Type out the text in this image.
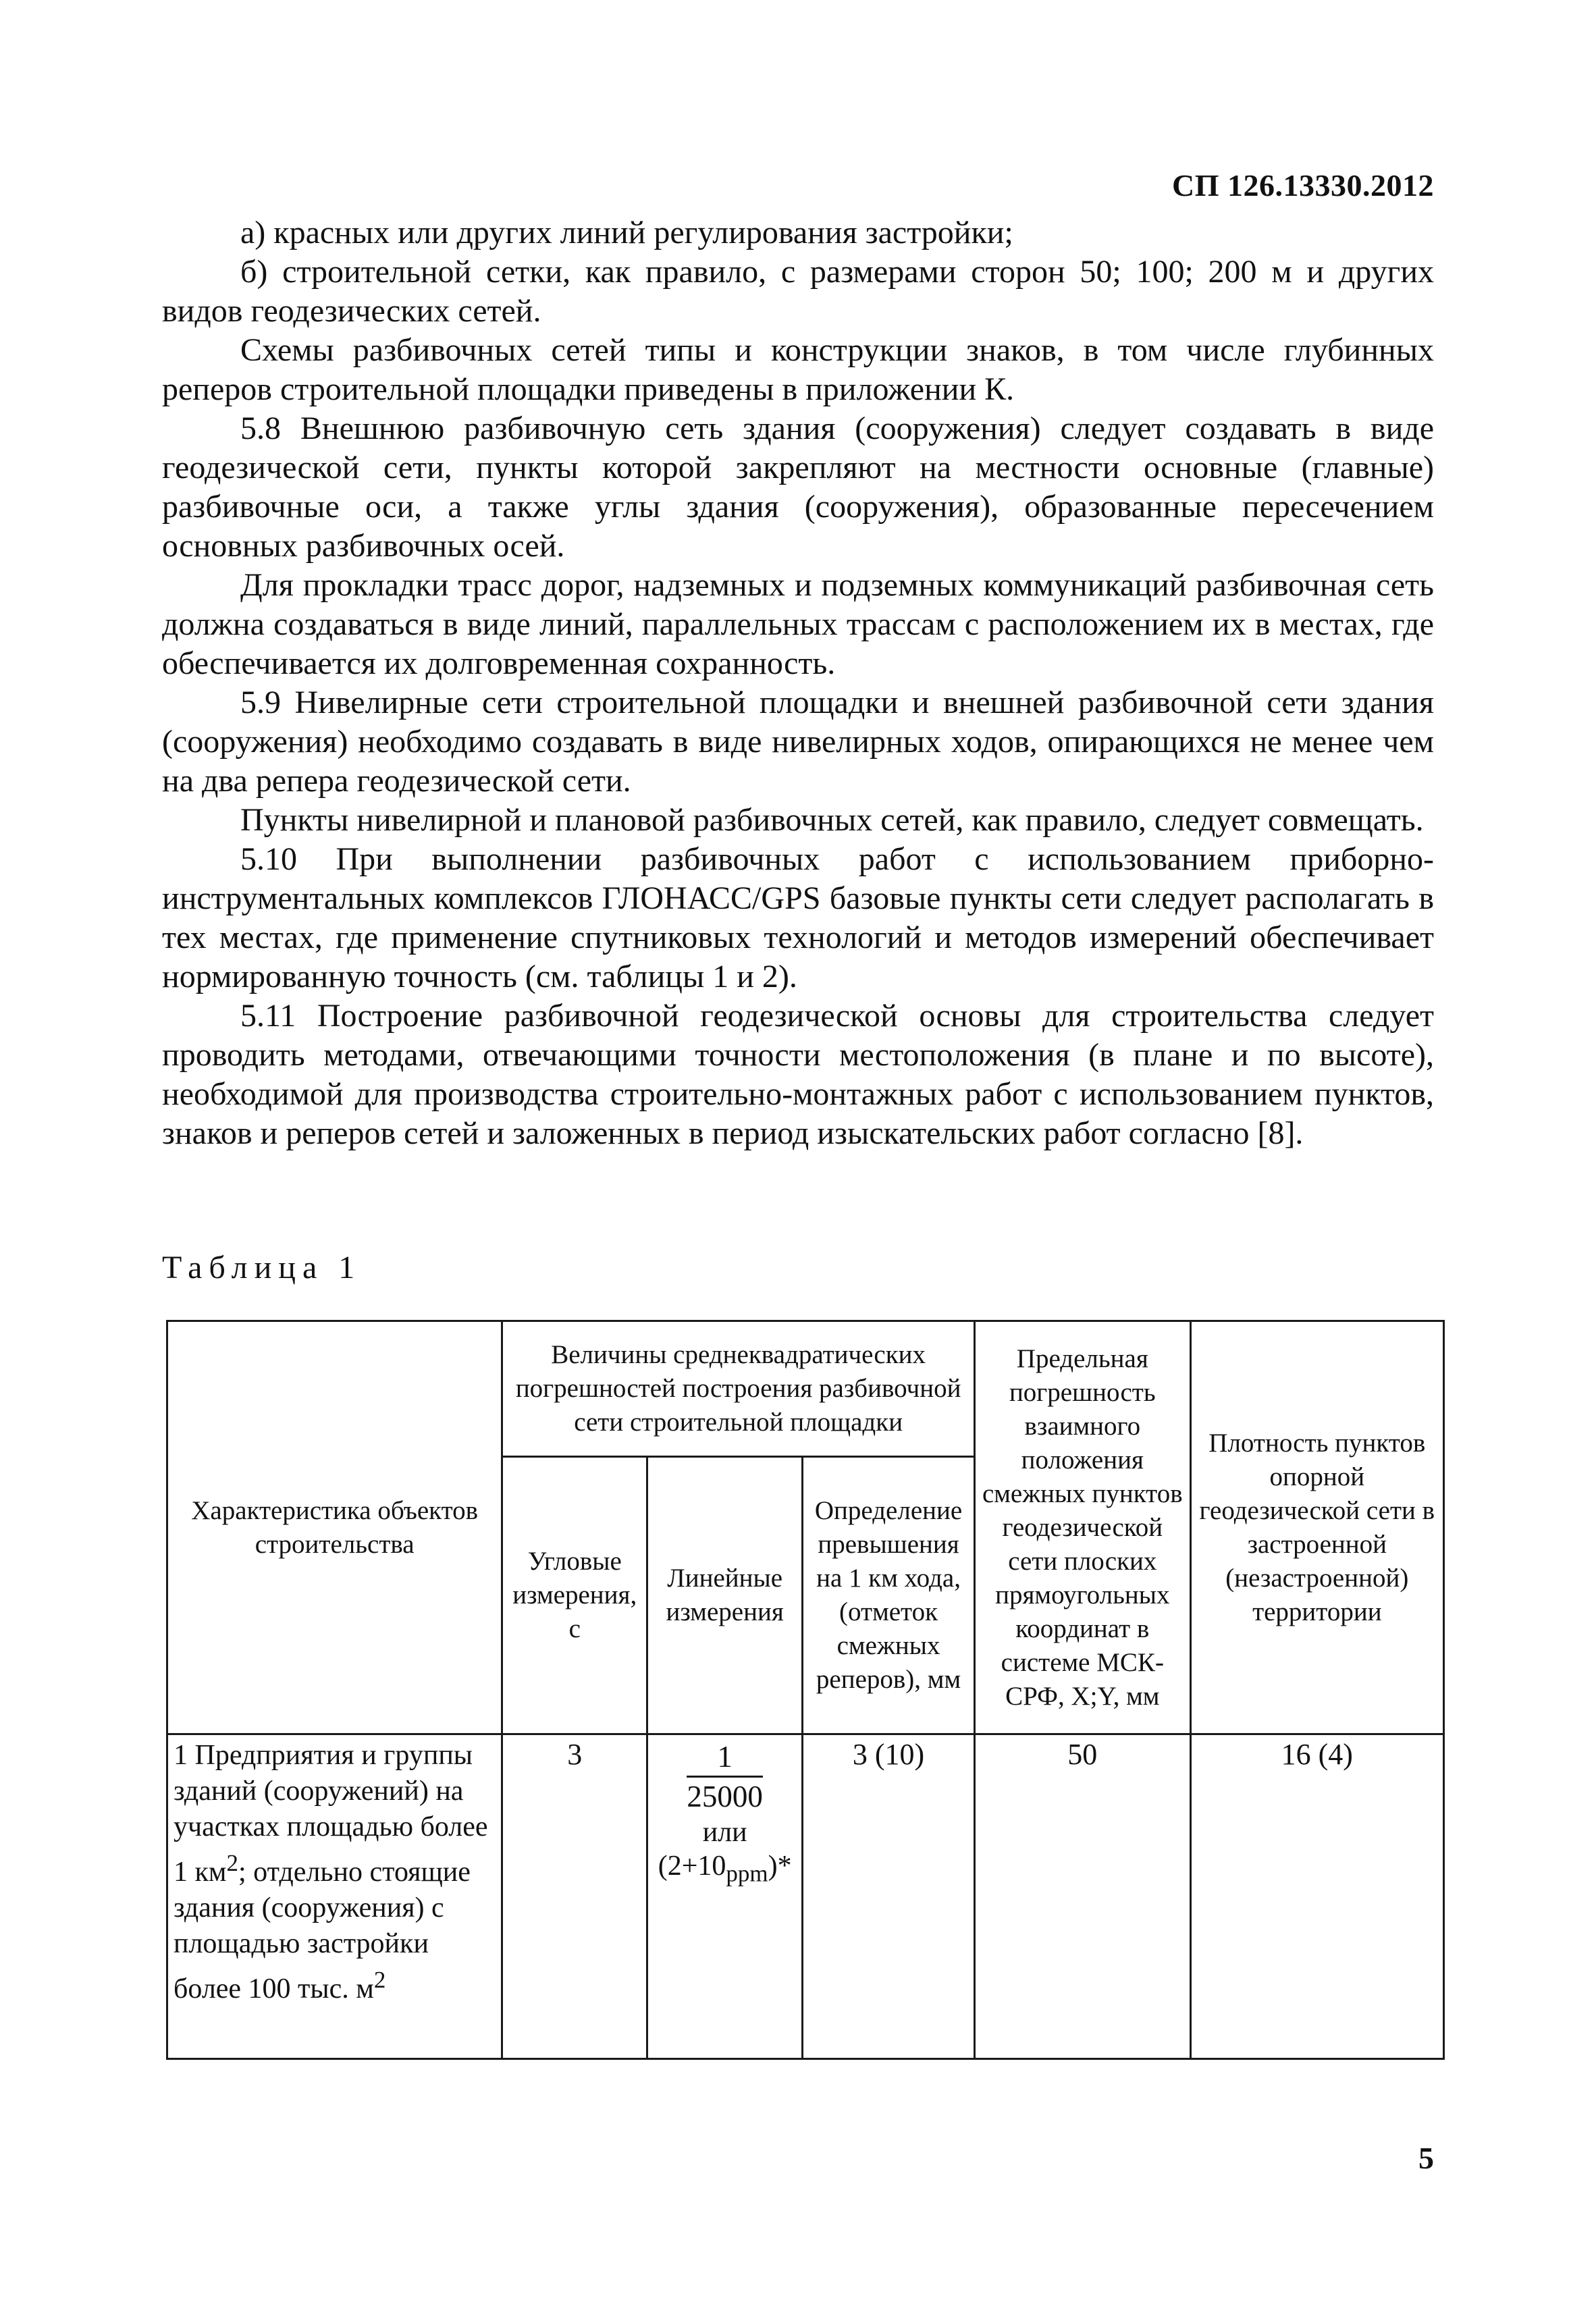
СП 126.13330.2012

а) красных или других линий регулирования застройки;

б) строительной сетки, как правило, с размерами сторон 50; 100; 200 м и других видов геодезических сетей.

Схемы разбивочных сетей типы и конструкции знаков, в том числе глубинных реперов строительной площадки приведены в приложении К.

5.8 Внешнюю разбивочную сеть здания (сооружения) следует создавать в виде геодезической сети, пункты которой закрепляют на местности основные (главные) разбивочные оси, а также углы здания (сооружения), образованные пересечением основных разбивочных осей.

Для прокладки трасс дорог, надземных и подземных коммуникаций разбивочная сеть должна создаваться в виде линий, параллельных трассам с расположением их в местах, где обеспечивается их долговременная сохранность.

5.9 Нивелирные сети строительной площадки и внешней разбивочной сети здания (сооружения) необходимо создавать в виде нивелирных ходов, опирающихся не менее чем на два репера геодезической сети.

Пункты нивелирной и плановой разбивочных сетей, как правило, следует совмещать.

5.10 При выполнении разбивочных работ с использованием приборно-инструментальных комплексов ГЛОНАСС/GPS базовые пункты сети следует располагать в тех местах, где применение спутниковых технологий и методов измерений обеспечивает нормированную точность (см. таблицы 1 и 2).

5.11 Построение разбивочной геодезической основы для строительства следует проводить методами, отвечающими точности местоположения (в плане и по высоте), необходимой для производства строительно-монтажных работ с использованием пунктов, знаков и реперов сетей и заложенных в период изыскательских работ согласно [8].

Таблица 1
Характеристика объектов строительства	Величины среднеквадратических погрешностей построения разбивочной сети строительной площадки			Предельная погрешность взаимного положения смежных пунктов геодезической сети плоских прямоугольных координат в системе МСК-СРФ, X;Y, мм	Плотность пунктов опорной геодезической сети в застроенной (незастроенной) территории
	Угловые измерения, с	Линейные измерения	Определение превышения на 1 км хода, (отметок смежных реперов), мм		
1 Предприятия и группы зданий (сооружений) на участках площадью более 1 $км^2$; отдельно стоящие здания (сооружения) с площадью застройки более 100 тыс. $м^2$	3	$\frac{1}{25000}$
или
$(2+10_{ppm})*$	3 (10)	50	16 (4)
5
